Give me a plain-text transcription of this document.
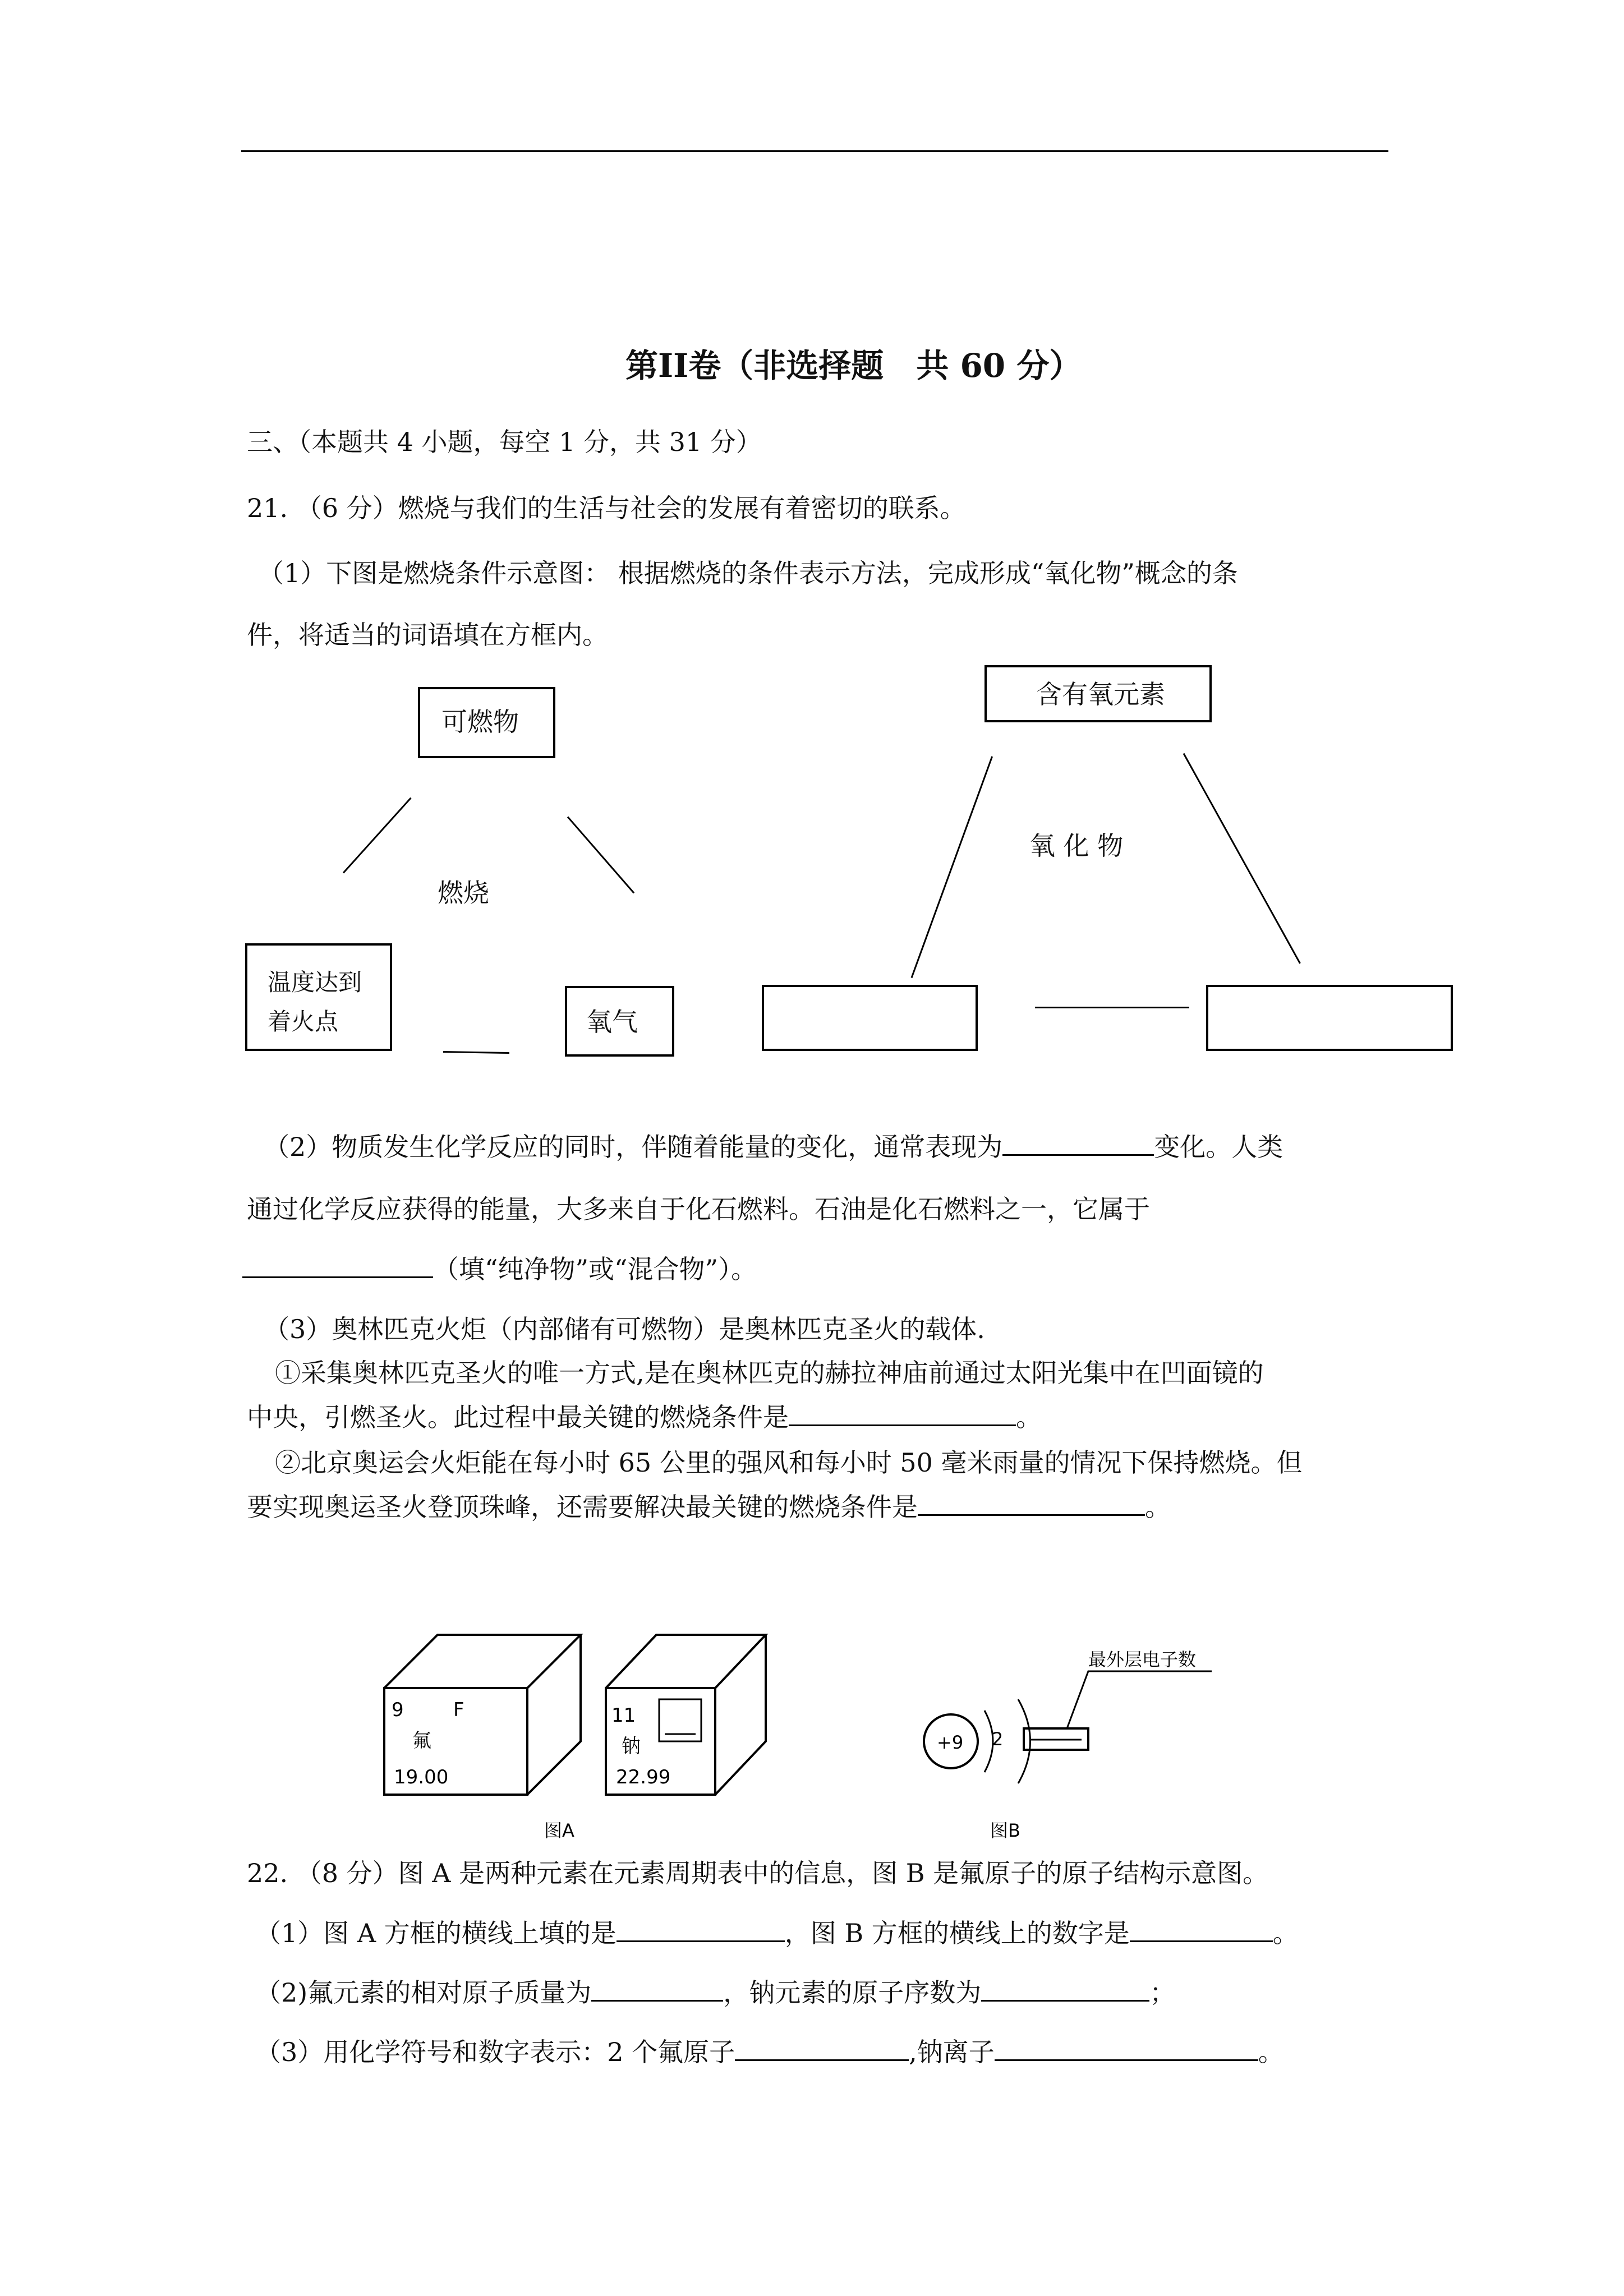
第II卷（非选择题　共 60 分）
三、（本题共 4 小题，每空 1 分，共 31 分）
21. （6 分）燃烧与我们的生活与社会的发展有着密切的联系。
（1）下图是燃烧条件示意图： 根据燃烧的条件表示方法，完成形成“氧化物”概念的条
件，将适当的词语填在方框内。
可燃物
燃烧
温度达到
着火点	氧气
含有氧元素
氧 化 物
（2）物质发生化学反应的同时，伴随着能量的变化，通常表现为	变化。人类
通过化学反应获得的能量，大多来自于化石燃料。石油是化石燃料之一，它属于
（填“纯净物”或“混合物”）。
（3）奥林匹克火炬（内部储有可燃物）是奥林匹克圣火的载体.
①采集奥林匹克圣火的唯一方式,是在奥林匹克的赫拉神庙前通过太阳光集中在凹面镜的
中央，引燃圣火。此过程中最关键的燃烧条件是	。
②北京奥运会火炬能在每小时 65 公里的强风和每小时 50 毫米雨量的情况下保持燃烧。但
要实现奥运圣火登顶珠峰，还需要解决最关键的燃烧条件是	。
9	F
氟
19.00
11
钠
22.99
图A
+9 2
最外层电子数
图B
22. （8 分）图 A 是两种元素在元素周期表中的信息，图 B 是氟原子的原子结构示意图。
（1）图 A 方框的横线上填的是	，图 B 方框的横线上的数字是	。
（2)氟元素的相对原子质量为	，钠元素的原子序数为	；
（3）用化学符号和数字表示：2 个氟原子	,钠离子	。
